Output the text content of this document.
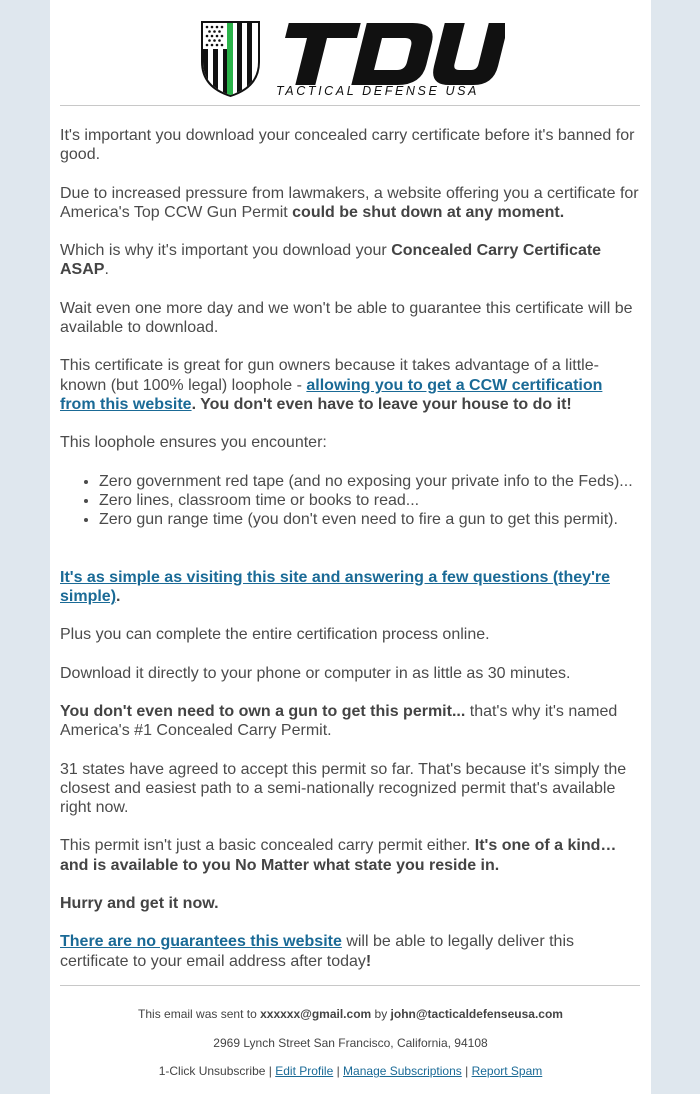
TACTICAL DEFENSE USA

It's important you download your concealed carry certificate before it's banned for good.

Due to increased pressure from lawmakers, a website offering you a certificate for America's Top CCW Gun Permit could be shut down at any moment.

Which is why it's important you download your Concealed Carry Certificate ASAP.

Wait even one more day and we won't be able to guarantee this certificate will be available to download.

This certificate is great for gun owners because it takes advantage of a little-known (but 100% legal) loophole - allowing you to get a CCW certification from this website. You don't even have to leave your house to do it!

This loophole ensures you encounter:

• Zero government red tape (and no exposing your private info to the Feds)...
• Zero lines, classroom time or books to read...
• Zero gun range time (you don't even need to fire a gun to get this permit).

It's as simple as visiting this site and answering a few questions (they're simple).

Plus you can complete the entire certification process online.

Download it directly to your phone or computer in as little as 30 minutes.

You don't even need to own a gun to get this permit... that's why it's named America's #1 Concealed Carry Permit.

31 states have agreed to accept this permit so far. That's because it's simply the closest and easiest path to a semi-nationally recognized permit that's available right now.

This permit isn't just a basic concealed carry permit either. It's one of a kind… and is available to you No Matter what state you reside in.

Hurry and get it now.

There are no guarantees this website will be able to legally deliver this certificate to your email address after today!

This email was sent to xxxxxx@gmail.com by john@tacticaldefenseusa.com
2969 Lynch Street San Francisco, California, 94108
1-Click Unsubscribe | Edit Profile | Manage Subscriptions | Report Spam
